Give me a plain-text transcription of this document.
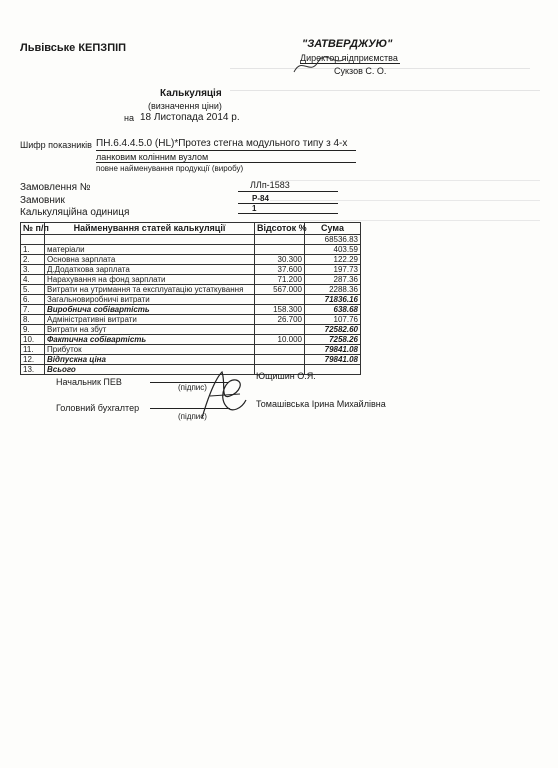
Львівське КЕПЗПІП	"ЗАТВЕРДЖУЮ"
Директор підприємства
Сукзов С. О.
Калькуляція
(визначення ціни)
на 18 Листопада 2014 р.
Шифр показників ПН.6.4.4.5.0 (HL)*Протез стегна модульного типу з 4-х
ланковим колінним вузлом
повне найменування продукції (виробу)
Замовлення №	ЛЛп-1583
Замовник	Р-84
Калькуляційна одиниця	1
№ п/п	Найменування статей калькуляції	Відсоток %	Сума
			68536.83
1.	матеріали		403.59
2.	Основна зарплата	30.300	122.29
3.	Д.Додаткова зарплата	37.600	197.73
4.	Нарахування на фонд зарплати	71.200	287.36
5.	Витрати на утримання та експлуатацію устаткування	567.000	2288.36
6.	Загальновиробничі витрати		71836.16
7.	Виробнича собівартість	158.300	638.68
8.	Адміністративні витрати	26.700	107.76
9.	Витрати на збут		72582.60
10.	Фактична собівартість	10.000	7258.26
11.	Прибуток		79841.08
12.	Відпускна ціна		79841.08
13.	Всього		
Начальник ПЕВ
(підпис)
Ющишин О.Я.
Головний бухгалтер
(підпис)
Томашівська Ірина Михайлівна
